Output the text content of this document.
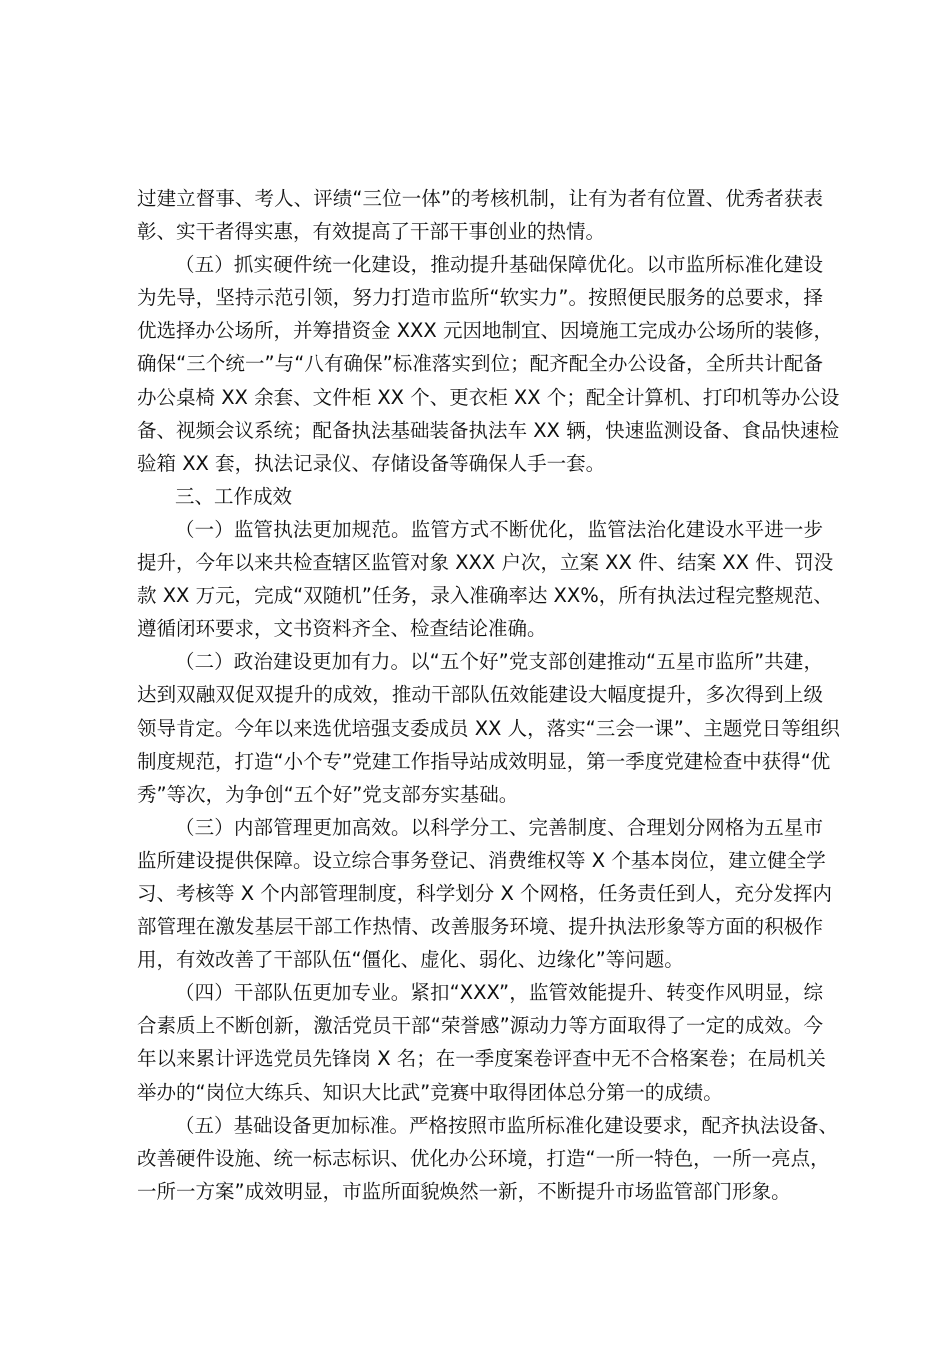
过建立督事、考人、评绩“三位一体”的考核机制，让有为者有位置、优秀者获表
彰、实干者得实惠，有效提高了干部干事创业的热情。
（五）抓实硬件统一化建设，推动提升基础保障优化。以市监所标准化建设
为先导，坚持示范引领，努力打造市监所“软实力”。按照便民服务的总要求，择
优选择办公场所，并筹措资金 XXX 元因地制宜、因境施工完成办公场所的装修，
确保“三个统一”与“八有确保”标准落实到位；配齐配全办公设备，全所共计配备
办公桌椅 XX 余套、文件柜 XX 个、更衣柜 XX 个；配全计算机、打印机等办公设
备、视频会议系统；配备执法基础装备执法车 XX 辆，快速监测设备、食品快速检
验箱 XX 套，执法记录仪、存储设备等确保人手一套。
三、工作成效
（一）监管执法更加规范。监管方式不断优化，监管法治化建设水平进一步
提升，今年以来共检查辖区监管对象 XXX 户次，立案 XX 件、结案 XX 件、罚没
款 XX 万元，完成“双随机”任务，录入准确率达 XX%，所有执法过程完整规范、
遵循闭环要求，文书资料齐全、检查结论准确。
（二）政治建设更加有力。以“五个好”党支部创建推动“五星市监所”共建，
达到双融双促双提升的成效，推动干部队伍效能建设大幅度提升，多次得到上级
领导肯定。今年以来选优培强支委成员 XX 人，落实“三会一课”、主题党日等组织
制度规范，打造“小个专”党建工作指导站成效明显，第一季度党建检查中获得“优
秀”等次，为争创“五个好”党支部夯实基础。
（三）内部管理更加高效。以科学分工、完善制度、合理划分网格为五星市
监所建设提供保障。设立综合事务登记、消费维权等 X 个基本岗位，建立健全学
习、考核等 X 个内部管理制度，科学划分 X 个网格，任务责任到人，充分发挥内
部管理在激发基层干部工作热情、改善服务环境、提升执法形象等方面的积极作
用，有效改善了干部队伍“僵化、虚化、弱化、边缘化”等问题。
（四）干部队伍更加专业。紧扣“XXX”，监管效能提升、转变作风明显，综
合素质上不断创新，激活党员干部“荣誉感”源动力等方面取得了一定的成效。今
年以来累计评选党员先锋岗 X 名；在一季度案卷评查中无不合格案卷；在局机关
举办的“岗位大练兵、知识大比武”竞赛中取得团体总分第一的成绩。
（五）基础设备更加标准。严格按照市监所标准化建设要求，配齐执法设备、
改善硬件设施、统一标志标识、优化办公环境，打造“一所一特色，一所一亮点，
一所一方案”成效明显，市监所面貌焕然一新，不断提升市场监管部门形象。
